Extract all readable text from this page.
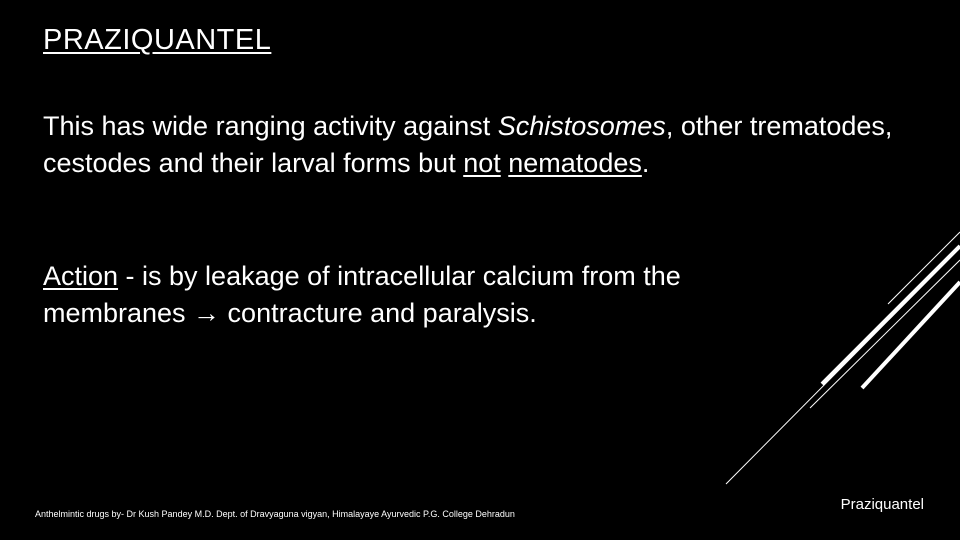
PRAZIQUANTEL
This has wide ranging activity against Schistosomes, other trematodes, cestodes and their larval forms but not nematodes.
Action - is by leakage of intracellular calcium from the
membranes → contracture and paralysis.
Anthelmintic drugs by- Dr Kush Pandey M.D. Dept. of Dravyaguna vigyan, Himalayaye Ayurvedic P.G. College Dehradun
Praziquantel
